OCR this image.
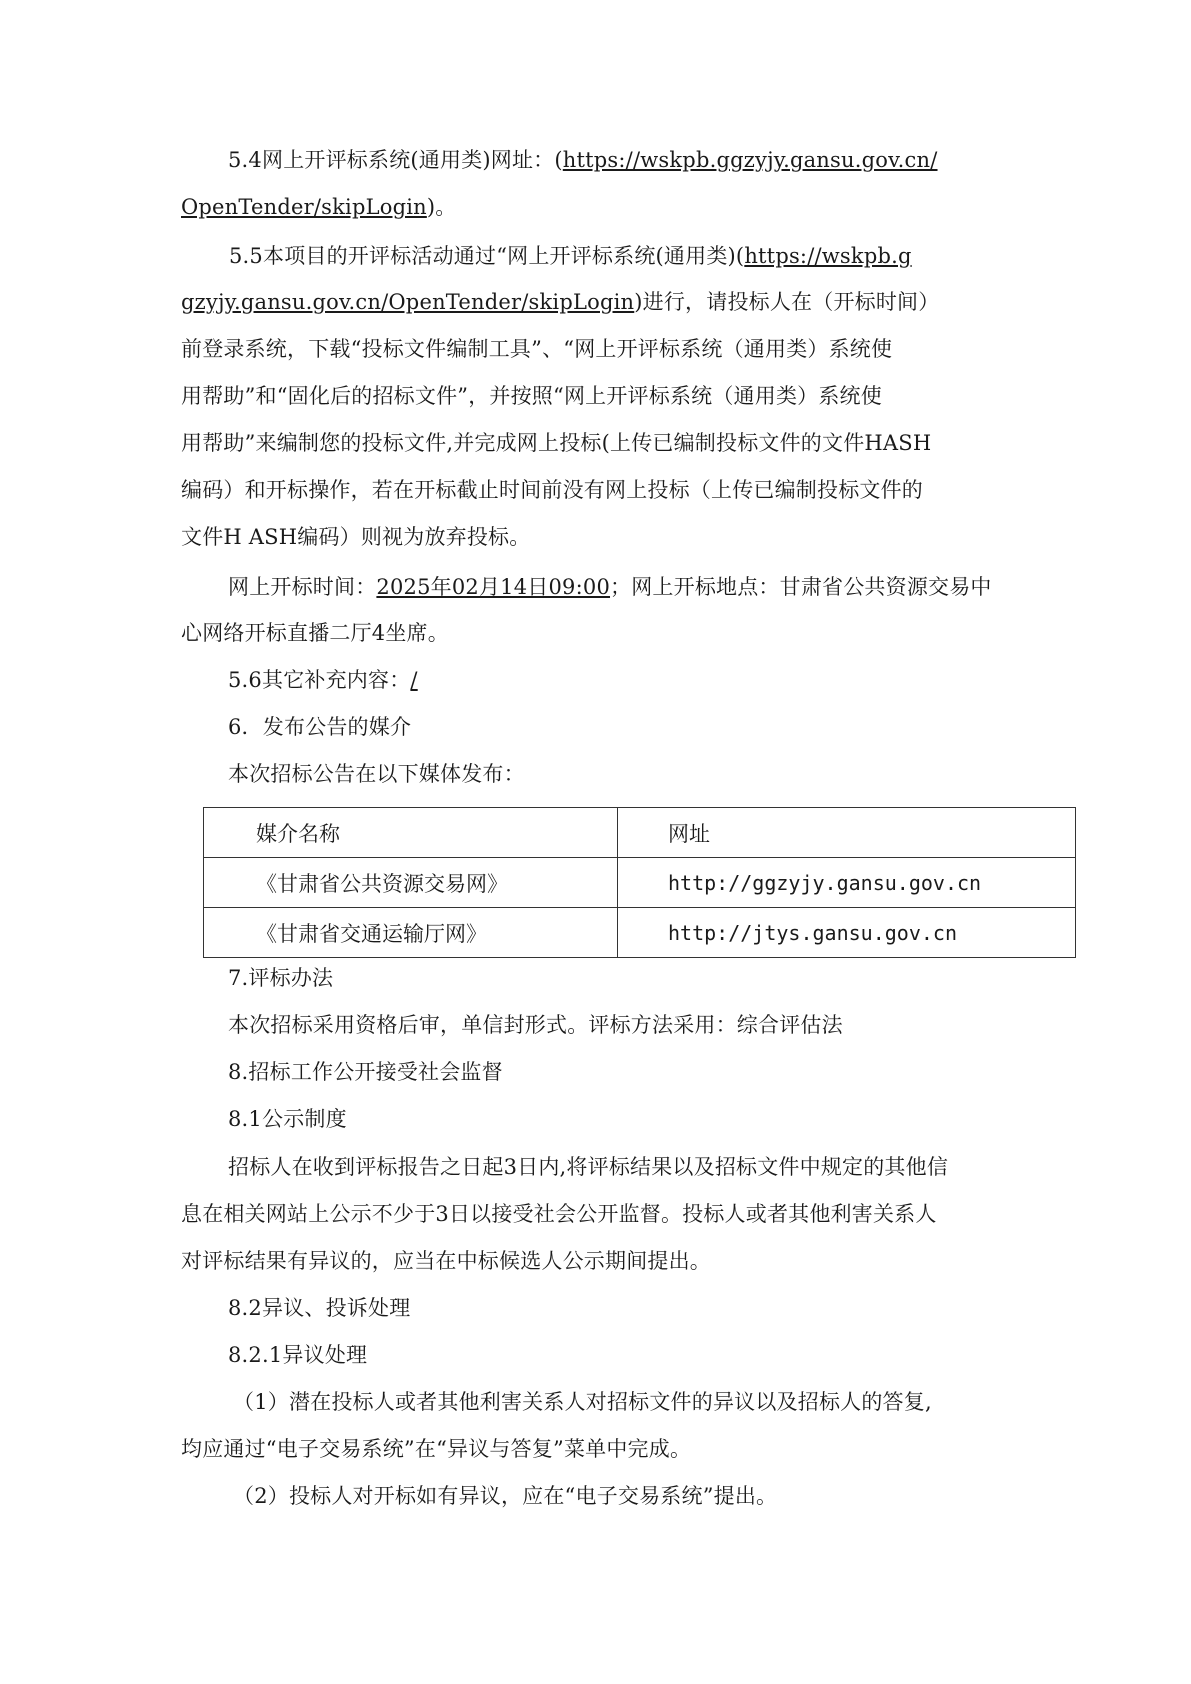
5.4网上开评标系统(通用类)网址：(https://wskpb.ggzyjy.gansu.gov.cn/
OpenTender/skipLogin)。
5.5本项目的开评标活动通过“网上开评标系统(通用类)(https://wskpb.g
gzyjy.gansu.gov.cn/OpenTender/skipLogin)进行，请投标人在（开标时间）
前登录系统，下载“投标文件编制工具”、“网上开评标系统（通用类）系统使
用帮助”和“固化后的招标文件”，并按照“网上开评标系统（通用类）系统使
用帮助”来编制您的投标文件,并完成网上投标(上传已编制投标文件的文件HASH
编码）和开标操作，若在开标截止时间前没有网上投标（上传已编制投标文件的
文件H ASH编码）则视为放弃投标。
网上开标时间：2025年02月14日09:00；网上开标地点：甘肃省公共资源交易中
心网络开标直播二厅4坐席。
5.6其它补充内容：/
6．发布公告的媒介
本次招标公告在以下媒体发布：
媒介名称	网址
《甘肃省公共资源交易网》	http://ggzyjy.gansu.gov.cn
《甘肃省交通运输厅网》	http://jtys.gansu.gov.cn
7.评标办法
本次招标采用资格后审，单信封形式。评标方法采用：综合评估法
8.招标工作公开接受社会监督
8.1公示制度
招标人在收到评标报告之日起3日内,将评标结果以及招标文件中规定的其他信
息在相关网站上公示不少于3日以接受社会公开监督。投标人或者其他利害关系人
对评标结果有异议的，应当在中标候选人公示期间提出。
8.2异议、投诉处理
8.2.1异议处理
（1）潜在投标人或者其他利害关系人对招标文件的异议以及招标人的答复,
均应通过“电子交易系统”在“异议与答复”菜单中完成。
（2）投标人对开标如有异议，应在“电子交易系统”提出。
